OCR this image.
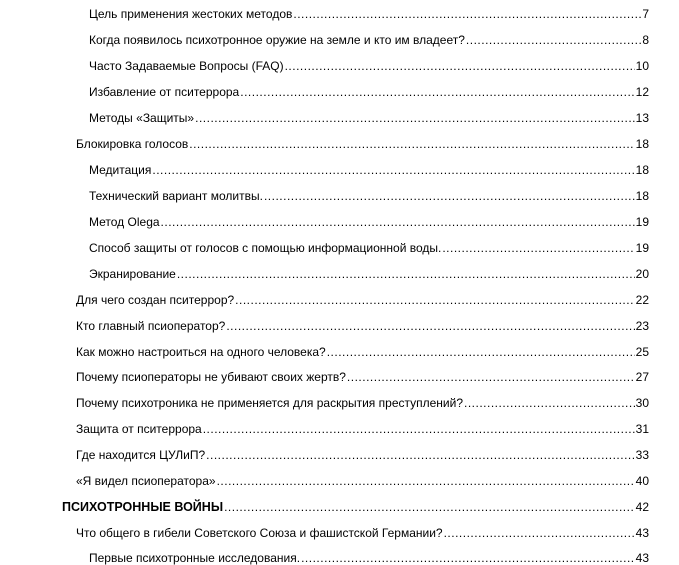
Цель применения жестоких методов .....	7
Когда появилось психотронное оружие на земле и кто им владеет? .....	8
Часто Задаваемые Вопросы (FAQ) .....	10
Избавление от пситеррора .....	12
Методы «Защиты» .....	13
Блокировка голосов .....	18
Медитация .....	18
Технический вариант молитвы. .....	18
Метод Olega .....	19
Способ защиты от голосов с помощью информационной воды. .....	19
Экранирование .....	20
Для чего создан пситеррор? .....	22
Кто главный псиоператор? .....	23
Как можно настроиться на одного человека? .....	25
Почему псиоператоры не убивают своих жертв? .....	27
Почему психотроника не применяется для раскрытия преступлений? .....	30
Защита от пситеррора .....	31
Где находится ЦУЛиП? .....	33
«Я видел псиоператора» .....	40
ПСИХОТРОННЫЕ ВОЙНЫ .....	42
Что общего в гибели Советского Союза и фашистской Германии? .....	43
Первые психотронные исследования. .....	43
